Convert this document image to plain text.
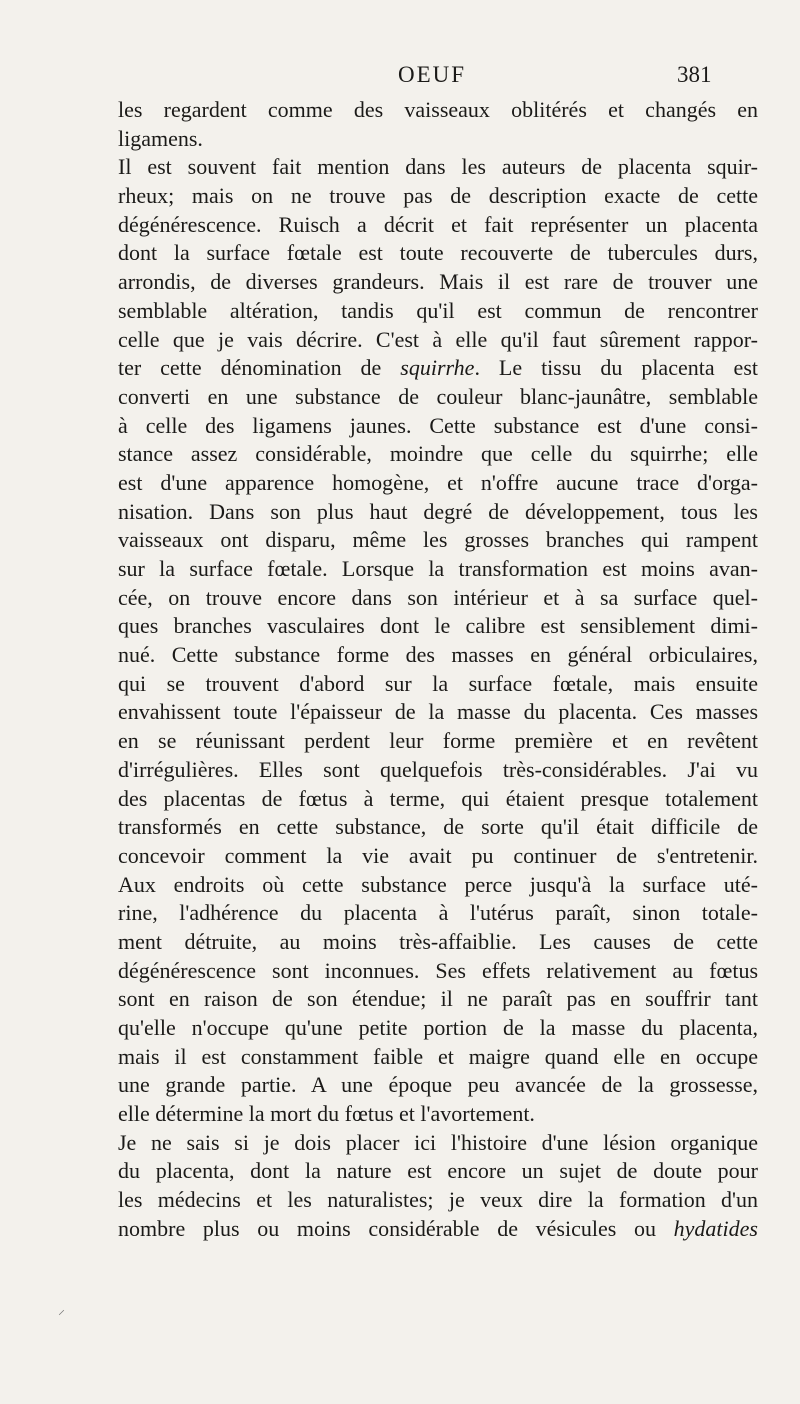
OEUF	381
les regardent comme des vaisseaux oblitérés et changés en
ligamens.
Il est souvent fait mention dans les auteurs de placenta squir-
rheux; mais on ne trouve pas de description exacte de cette
dégénérescence. Ruisch a décrit et fait représenter un placenta
dont la surface fœtale est toute recouverte de tubercules durs,
arrondis, de diverses grandeurs. Mais il est rare de trouver une
semblable altération, tandis qu'il est commun de rencontrer
celle que je vais décrire. C'est à elle qu'il faut sûrement rappor-
ter cette dénomination de squirrhe. Le tissu du placenta est
converti en une substance de couleur blanc-jaunâtre, semblable
à celle des ligamens jaunes. Cette substance est d'une consi-
stance assez considérable, moindre que celle du squirrhe; elle
est d'une apparence homogène, et n'offre aucune trace d'orga-
nisation. Dans son plus haut degré de développement, tous les
vaisseaux ont disparu, même les grosses branches qui rampent
sur la surface fœtale. Lorsque la transformation est moins avan-
cée, on trouve encore dans son intérieur et à sa surface quel-
ques branches vasculaires dont le calibre est sensiblement dimi-
nué. Cette substance forme des masses en général orbiculaires,
qui se trouvent d'abord sur la surface fœtale, mais ensuite
envahissent toute l'épaisseur de la masse du placenta. Ces masses
en se réunissant perdent leur forme première et en revêtent
d'irrégulières. Elles sont quelquefois très-considérables. J'ai vu
des placentas de fœtus à terme, qui étaient presque totalement
transformés en cette substance, de sorte qu'il était difficile de
concevoir comment la vie avait pu continuer de s'entretenir.
Aux endroits où cette substance perce jusqu'à la surface uté-
rine, l'adhérence du placenta à l'utérus paraît, sinon totale-
ment détruite, au moins très-affaiblie. Les causes de cette
dégénérescence sont inconnues. Ses effets relativement au fœtus
sont en raison de son étendue; il ne paraît pas en souffrir tant
qu'elle n'occupe qu'une petite portion de la masse du placenta,
mais il est constamment faible et maigre quand elle en occupe
une grande partie. A une époque peu avancée de la grossesse,
elle détermine la mort du fœtus et l'avortement.
Je ne sais si je dois placer ici l'histoire d'une lésion organique
du placenta, dont la nature est encore un sujet de doute pour
les médecins et les naturalistes; je veux dire la formation d'un
nombre plus ou moins considérable de vésicules ou hydatides
⸝
